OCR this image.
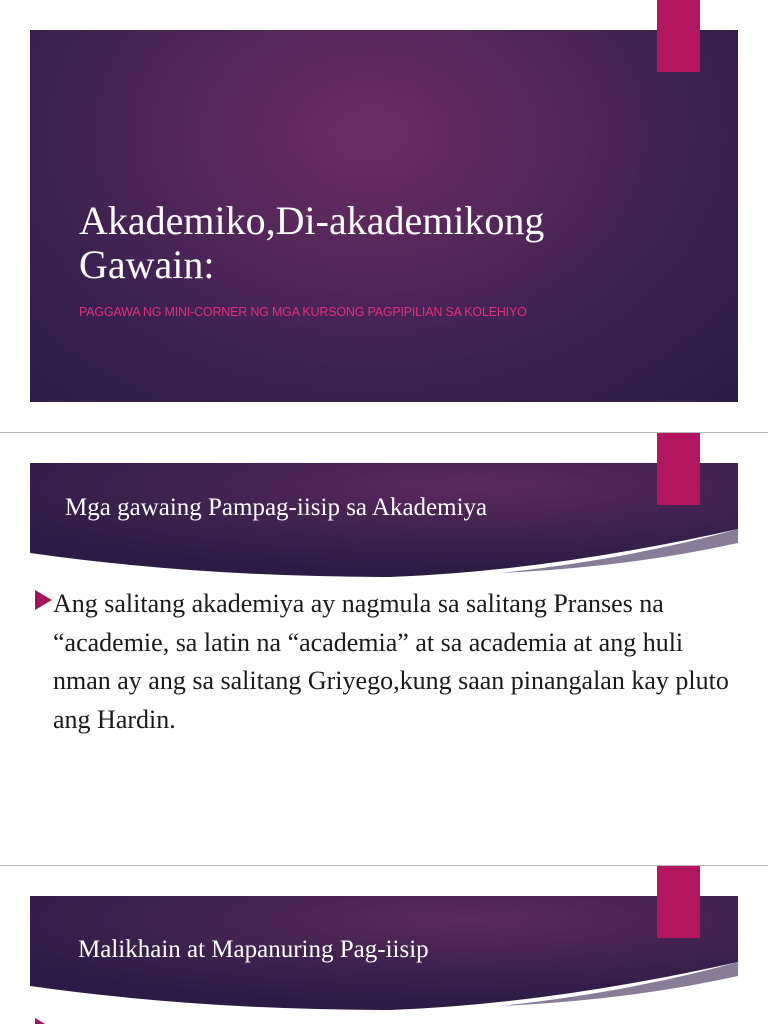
Akademiko,Di-akademikong Gawain:
PAGGAWA NG MINI-CORNER NG MGA KURSONG PAGPIPILIAN SA KOLEHIYO
Mga gawaing Pampag-iisip sa Akademiya

Ang salitang akademiya ay nagmula sa salitang Pranses na “academie, sa latin na “academia” at sa academia at ang huli nman ay ang sa salitang Griyego,kung saan pinangalan kay pluto ang Hardin.

Malikhain at Mapanuring Pag-iisip
